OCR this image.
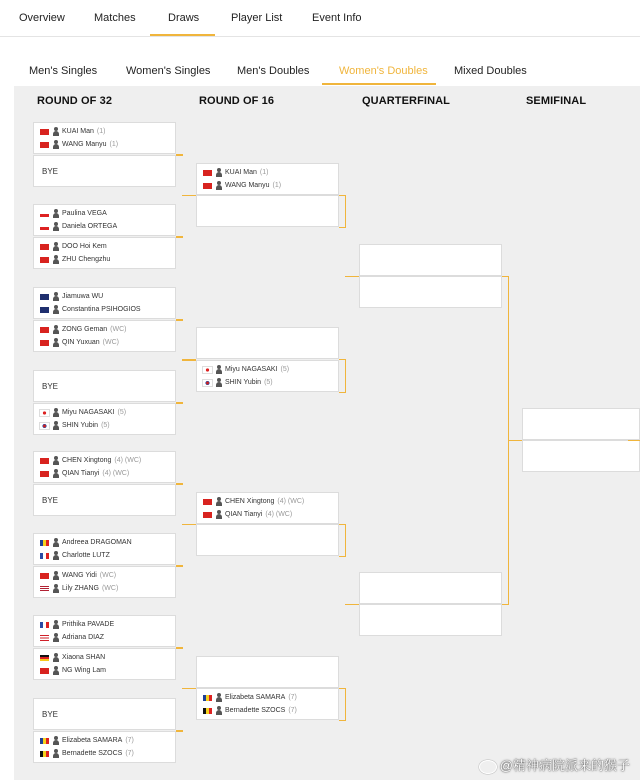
Overview	Matches	Draws	Player List	Event Info
Men's Singles	Women's Singles Men's Doubles	Women's Doubles Mixed Doubles
ROUND OF 32	ROUND OF 16	QUARTERFINAL	SEMIFINAL
KUAI Man (1)
WANG Manyu (1)
BYE
Paulina VEGA
Daniela ORTEGA
DOO Hoi Kem
ZHU Chengzhu
Jiamuwa WU
Constantina PSIHOGIOS
ZONG Geman (WC)
QIN Yuxuan (WC)
BYE
Miyu NAGASAKI (5)
SHIN Yubin (5)
CHEN Xingtong (4) (WC)
QIAN Tianyi (4) (WC)
BYE
Andreea DRAGOMAN
Charlotte LUTZ
WANG Yidi (WC)
Lily ZHANG (WC)
Prithika PAVADE
Adriana DIAZ
Xiaona SHAN
NG Wing Lam
BYE
Elizabeta SAMARA (7)
Bernadette SZOCS (7)
KUAI Man (1)
WANG Manyu (1)
Miyu NAGASAKI (5)
SHIN Yubin (5)
CHEN Xingtong (4) (WC)
QIAN Tianyi (4) (WC)
Elizabeta SAMARA (7)
Bernadette SZOCS (7)
@精神病院派来的猴子
